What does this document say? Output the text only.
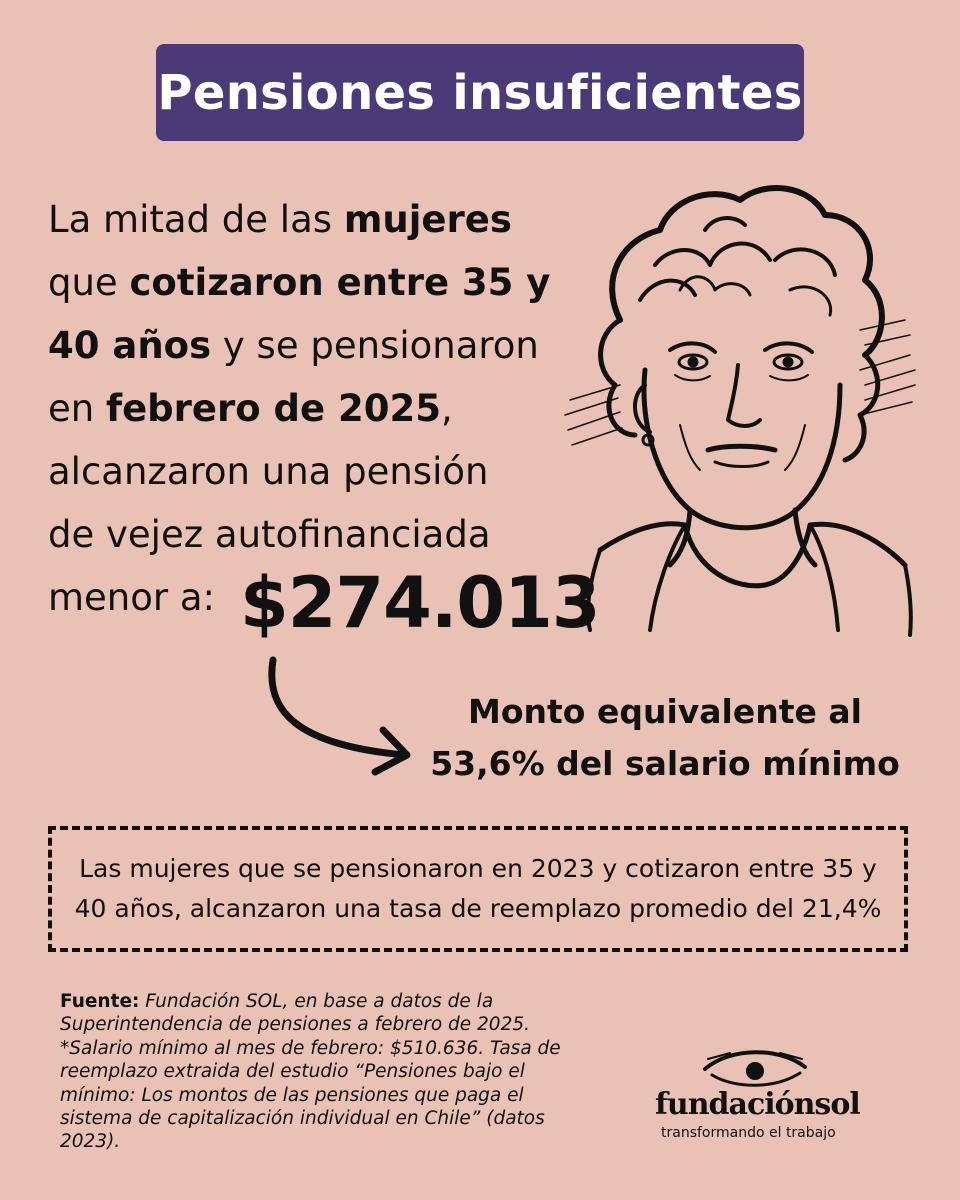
Pensiones insuficientes
La mitad de las mujeres
que cotizaron entre 35 y
40 años y se pensionaron
en febrero de 2025,
alcanzaron una pensión
de vejez autofinanciada
menor a: $274.013
Monto equivalente al
53,6% del salario mínimo
Las mujeres que se pensionaron en 2023 y cotizaron entre 35 y
40 años, alcanzaron una tasa de reemplazo promedio del 21,4%
Fuente: Fundación SOL, en base a datos de la
Superintendencia de pensiones a febrero de 2025.
*Salario mínimo al mes de febrero: $510.636. Tasa de
reemplazo extraida del estudio “Pensiones bajo el
mínimo: Los montos de las pensiones que paga el
sistema de capitalización individual en Chile” (datos
2023).
fundaciónsol
transformando el trabajo
